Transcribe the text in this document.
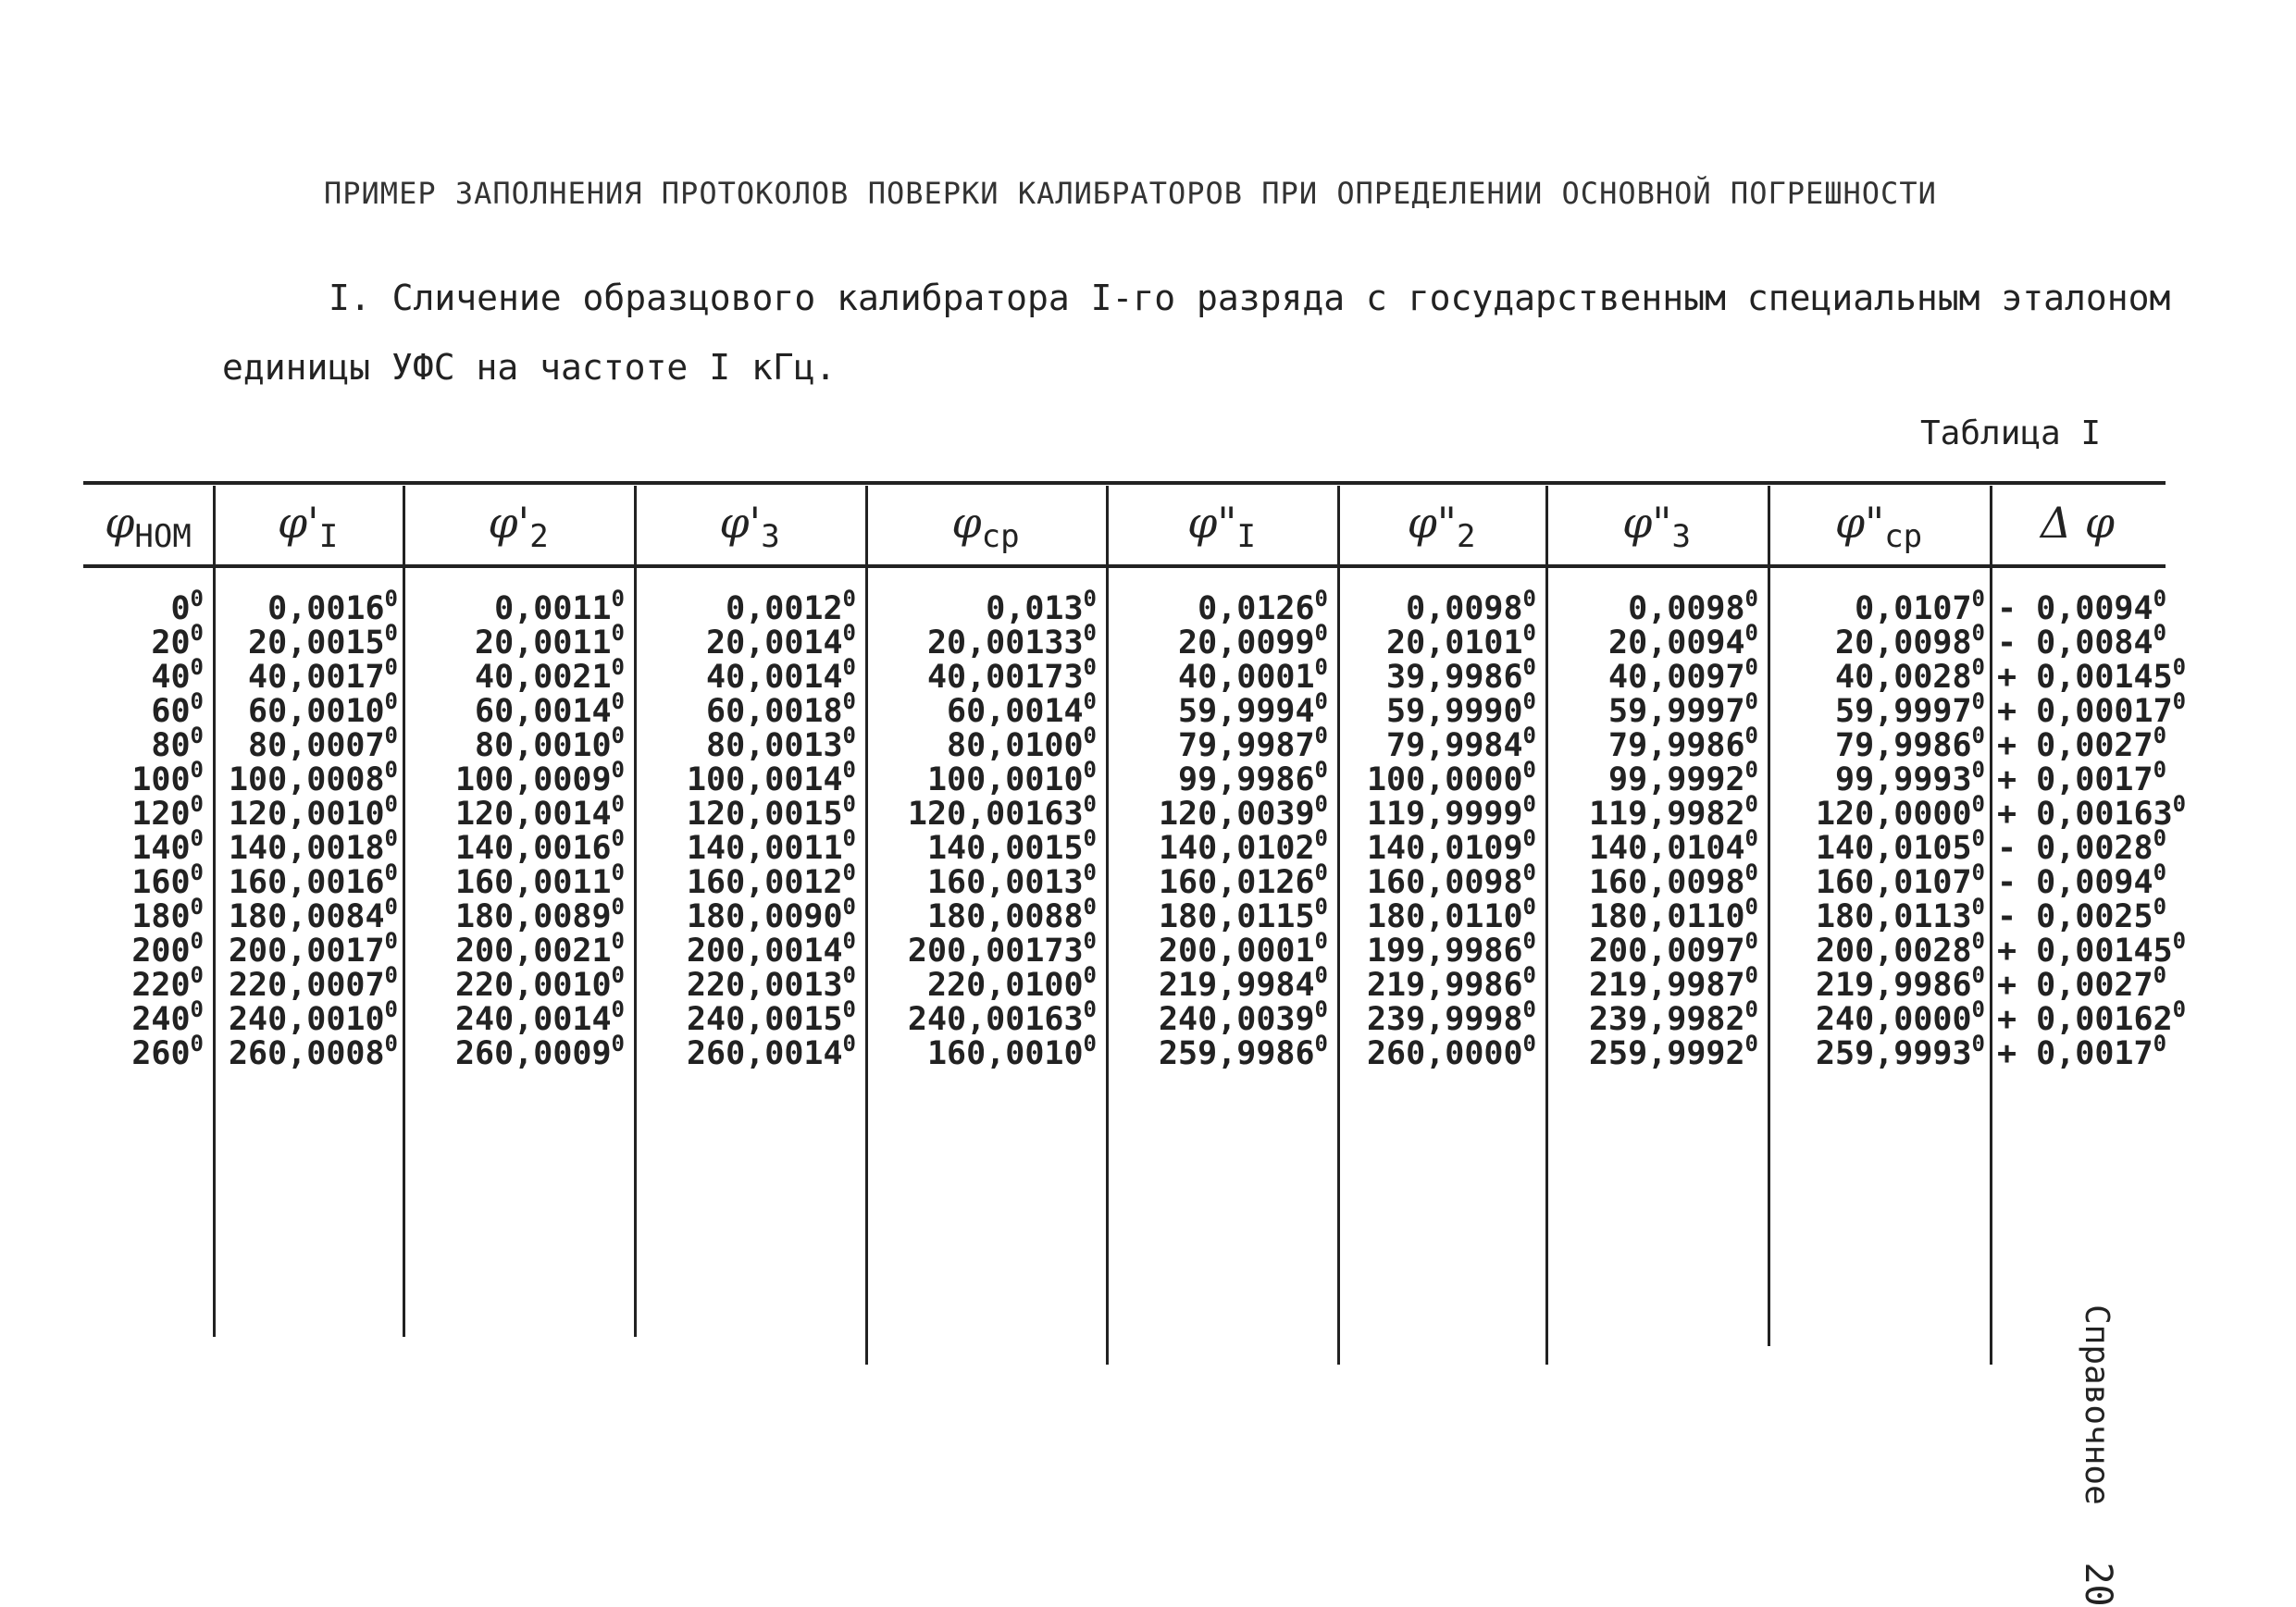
ПРИМЕР ЗАПОЛНЕНИЯ ПРОТОКОЛОВ ПОВЕРКИ КАЛИБРАТОРОВ ПРИ ОПРЕДЕЛЕНИИ ОСНОВНОЙ ПОГРЕШНОСТИ
I. Сличение образцового калибратора I-го разряда с государственным специальным эталоном
единицы УФС на частоте I кГц.
Таблица I
$\varphi_{НОМ}$	$\varphi'_I$	$\varphi'_2$	$\varphi'_3$	$\varphi_{ср}$	$\varphi"_I$	$\varphi"_2$	$\varphi"_3$	$\varphi"_{ср}$	Δ φ
$0^0$	0,0016$^0$	0,0011$^0$	0,0012$^0$	0,013$^0$	0,0126$^0$	0,0098$^0$	0,0098$^0$	0,0107$^0$ - 0,0094$^0$
$20^0$	20,0015$^0$	20,0011$^0$	20,0014$^0$	20,00133$^0$	20,0099$^0$	20,0101$^0$	20,0094$^0$	20,0098$^0$ - 0,0084$^0$
$40^0$	40,0017$^0$	40,0021$^0$	40,0014$^0$	40,00173$^0$	40,0001$^0$	39,9986$^0$	40,0097$^0$	$40,0028^0 + 0,00145^0$
$60^0$	60,0010$^0$	60,0014$^0$	60,0018$^0$	60,0014$^0$	59,9994$^0$	59,9990$^0$	59,9997$^0$	$59,9997^0 + 0,00017^0$
$80^0$	80,0007$^0$	80,0010$^0$	80,0013$^0$	80,0100$^0$	79,9987$^0$	79,9984$^0$	79,9986$^0$	$79,9986^0 + 0,0027^0$
$100^0$ 100,0008$^0$	100,0009$^0$	100,0014$^0$	100,0010$^0$	99,9986$^0$	100,0000$^0$	99,9992$^0$	$99,9993^0 + 0,0017^0$
$120^0$ 120,0010$^0$	120,0014$^0$	120,0015$^0$	120,00163$^0$	120,0039$^0$	119,9999$^0$	119,9982$^0$	$120,0000^0 + 0,00163^0$
$140^0$ 140,0018$^0$	140,0016$^0$	140,0011$^0$	140,0015$^0$	140,0102$^0$	140,0109$^0$	140,0104$^0$	140,0105$^0$ - 0,0028$^0$
$160^0$ 160,0016$^0$	160,0011$^0$	160,0012$^0$	160,0013$^0$	160,0126$^0$	160,0098$^0$	160,0098$^0$	160,0107$^0$ - 0,0094$^0$
$180^0$ 180,0084$^0$	180,0089$^0$	180,0090$^0$	180,0088$^0$	180,0115$^0$	180,0110$^0$	180,0110$^0$	180,0113$^0$ - 0,0025$^0$
$200^0$ 200,0017$^0$	200,0021$^0$	200,0014$^0$	200,00173$^0$	200,0001$^0$	199,9986$^0$	200,0097$^0$	$200,0028^0 + 0,00145^0$
$220^0$ 220,0007$^0$	220,0010$^0$	220,0013$^0$	220,0100$^0$	219,9984$^0$	219,9986$^0$	219,9987$^0$	$219,9986^0 + 0,0027^0$
$240^0$ 240,0010$^0$	240,0014$^0$	240,0015$^0$	240,00163$^0$	240,0039$^0$	239,9998$^0$	239,9982$^0$	$240,0000^0 + 0,00162^0$
$260^0$ 260,0008$^0$	260,0009$^0$	260,0014$^0$	160,0010$^0$	259,9986$^0$	260,0000$^0$	259,9992$^0$	$259,9993^0 + 0,0017^0$
Справочное 20
